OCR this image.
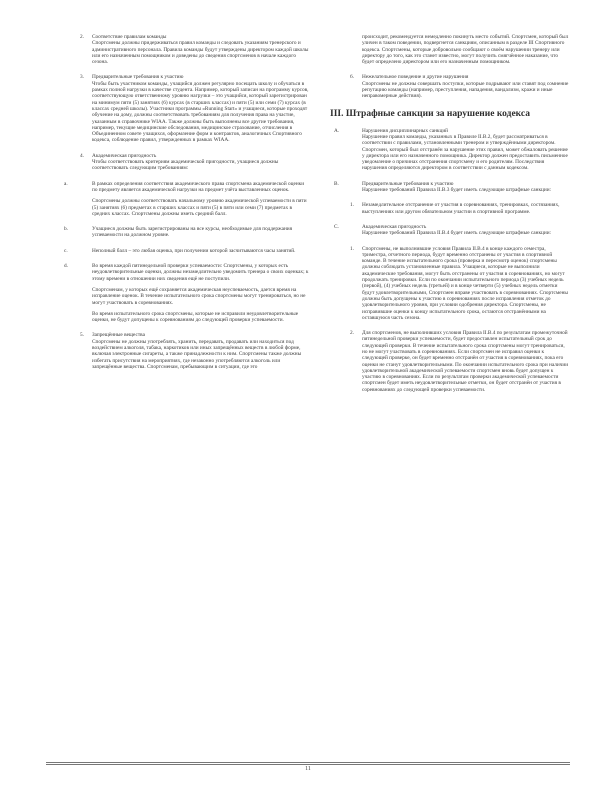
2. Соответствие правилам команды

Спортсмены должны придерживаться правил команды и следовать указаниям тренерского и административного персонала. Правила команды будут утверждены директором каждой школы или его назначенным помощником и доведены до сведения спортсменов в начале каждого сезона.

3. Предварительные требования к участию

Чтобы быть участником команды, учащийся должен регулярно посещать школу и обучаться в рамках полной нагрузки в качестве студента. Например, который записан на программу курсов, соответствующую ответственному уровню нагрузки – это учащийся, который зарегистрирован на минимум пяти (5) занятиях (6) курсах (в старших классах) и пяти (5) или семи (7) курсах (в классах средней школы). Участники программы «Running Start» и учащиеся, которые проходят обучение на дому, должны соответствовать требованиям для получения права на участие, указанным в справочнике WIAA. Также должны быть выполнены все другие требования, например, текущие медицинские обследования, медицинское страхование, отчисления в Объединенном совете учащихся, оформление форм и контрактов, аналогичных Спортивного кодекса, соблюдение правил, утвержденных в рамках WIAA.

4. Академическая пригодность

Чтобы соответствовать критериям академической пригодности, учащиеся должны соответствовать следующим требованиям:

a.	В рамках определения соответствия академического права спортсмена академической оценки по предмету является академической нагрузки на предмет учёта выставленных оценок.

Спортсмены должны соответствовать начальному уровню академической успеваемости в пяти (5) занятиях (6) предметах в старших классах и пяти (5) в пяти или семи (7) предметах в средних классах. Спортсмены должны иметь средний балл.

b.	Учащиеся должны быть зарегистрированы на все курсы, необходимые для поддержания успеваемости на должном уровне.

c.	Неполный балл – это любая оценка, при получении которой засчитываются часы занятий.

d.	Во время каждой пятинедельной проверки успеваемости: Спортсмены, у которых есть неудовлетворительные оценки, должны незамедлительно уведомить тренера о своих оценках; к этому времени в отношении них сведения ещё не поступили.

Спортсменам, у которых ещё сохраняется академическая неуспеваемость, дается время на исправление оценок. В течение испытательного срока спортсмены могут тренироваться, но не могут участвовать в соревнованиях.

Во время испытательного срока спортсмены, которые не исправили неудовлетворительные оценки, не будут допущены к соревнованиям до следующей проверки успеваемости.

5. Запрещённые вещества

Спортсмены не должны употреблять, хранить, передавать, продавать или находиться под воздействием алкоголя, табака, наркотиков или иных запрещённых веществ в любой форме, включая электронные сигареты, а также принадлежности к ним. Спортсмены также должны избегать присутствия на мероприятиях, где незаконно употребляются алкоголь или запрещённые вещества. Спортсменам, пребывающим в ситуации, где это

происходит, рекомендуется немедленно покинуть место событий. Спортсмен, который был уличен в таком поведении, подвергнется санкциям, описанным в разделе III Спортивного кодекса. Спортсмены, которые добровольно сообщают о своём нарушении тренеру или директору до того, как это станет известно, могут получить смягчённое наказание, что будет определено директором или его назначенным помощником.

6. Нежелательное поведение и другие нарушения

Спортсмены не должны совершать поступки, которые подрывают или ставят под сомнение репутацию команды (например, преступления, нападения, вандализм, кражи и иные неправомерные действия).

III. Штрафные санкции за нарушение кодекса
A.	Нарушения дисциплинарных санкций

Нарушение правил команды, указанных в Правиле II.В.2, будет рассматриваться в соответствии с правилами, установленными тренером и утверждёнными директором. Спортсмен, который был отстранён за нарушение этих правил, может обжаловать решение у директора или его назначенного помощника. Директор должен предоставить письменное уведомление о причинах отстранения спортсмену и его родителям. Последствия нарушения определяются директором в соответствии с данным кодексом.

B.	Предварительные требования к участию

Нарушение требований Правила II.В.3 будет иметь следующие штрафные санкции:

1. Незамедлительное отстранение от участия в соревнованиях, тренировках, состязаниях, выступлениях или другом обязательном участии в спортивной программе.

C.	Академическая пригодность

Нарушение требований Правила II.В.4 будет иметь следующие штрафные санкции:

1. Спортсмены, не выполнившие условия Правила II.В.4 в конце каждого семестра, триместра, отчетного периода, будут временно отстранены от участия в спортивной команде. В течение испытательного срока (проверка и пересмотр оценок) спортсмены должны соблюдать установленные правила. Учащиеся, которые не выполнили академические требования, могут быть отстранены от участия в соревнованиях, но могут продолжать тренировки. Если по окончании испытательного периода (3) учебных недель (первой), (4) учебных недель (третьей) и в конце четверти (5) учебных недель отметки будут удовлетворительными, Спортсмен вправе участвовать в соревнованиях. Спортсмены должны быть допущены к участию в соревнованиях после исправления отметок до удовлетворительного уровня, при условии одобрения директора. Спортсмены, не исправившие оценки к концу испытательного срока, остаются отстранёнными на оставшуюся часть сезона.

2. Для спортсменов, не выполнивших условия Правила II.В.4 по результатам промежуточной пятинедельной проверки успеваемости, будет предоставлен испытательный срок до следующей проверки. В течение испытательного срока спортсмены могут тренироваться, но не могут участвовать в соревнованиях. Если спортсмен не исправил оценки к следующей проверке, он будет временно отстранён от участия в соревнованиях, пока его оценки не станут удовлетворительными. По окончании испытательного срока при наличии удовлетворительной академической успеваемости спортсмен вновь будет допущен к участию в соревнованиях. Если по результатам проверки академической успеваемости спортсмен будет иметь неудовлетворительные отметки, он будет отстранён от участия в соревнованиях до следующей проверки успеваемости.

11
